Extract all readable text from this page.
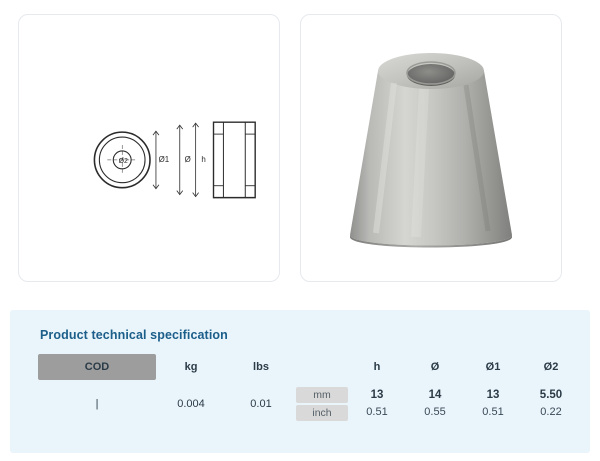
Ø2	Ø1 Ø h
Product technical specification
COD	kg	lbs		h	Ø	Ø1	Ø2

|	0.004	0.01	mm	13	14	13	5.50

			inch	0.51	0.55	0.51	0.22
